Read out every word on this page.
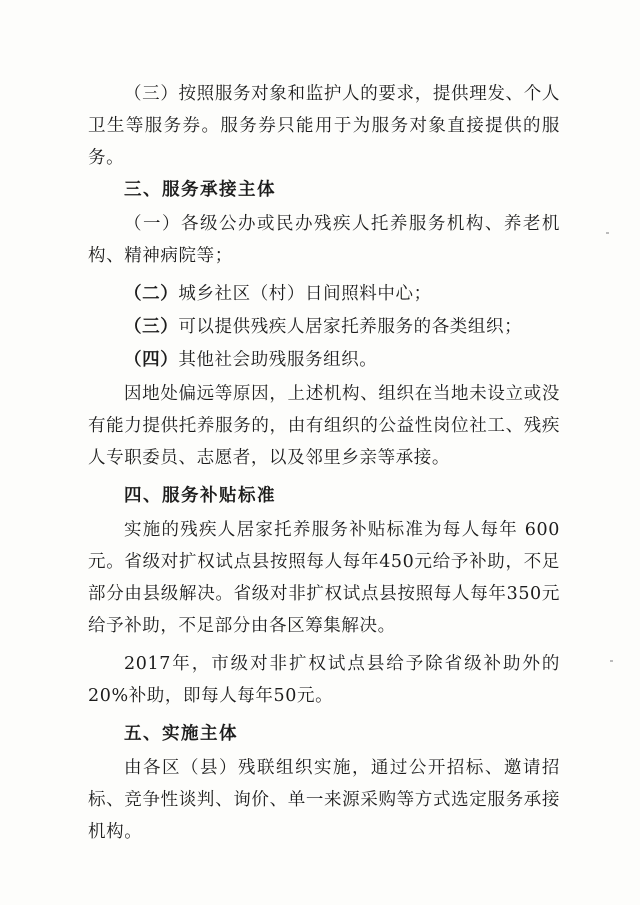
（三）按照服务对象和监护人的要求，提供理发、个人卫生等服务券。服务券只能用于为服务对象直接提供的服务。

三、服务承接主体

（一）各级公办或民办残疾人托养服务机构、养老机构、精神病院等；

（二）城乡社区（村）日间照料中心；

（三）可以提供残疾人居家托养服务的各类组织；

（四）其他社会助残服务组织。

因地处偏远等原因，上述机构、组织在当地未设立或没有能力提供托养服务的，由有组织的公益性岗位社工、残疾人专职委员、志愿者，以及邻里乡亲等承接。

四、服务补贴标准

实施的残疾人居家托养服务补贴标准为每人每年 600元。省级对扩权试点县按照每人每年450元给予补助，不足部分由县级解决。省级对非扩权试点县按照每人每年350元给予补助，不足部分由各区筹集解决。

2017年，市级对非扩权试点县给予除省级补助外的20%补助，即每人每年50元。

五、实施主体

由各区（县）残联组织实施，通过公开招标、邀请招标、竞争性谈判、询价、单一来源采购等方式选定服务承接机构。
